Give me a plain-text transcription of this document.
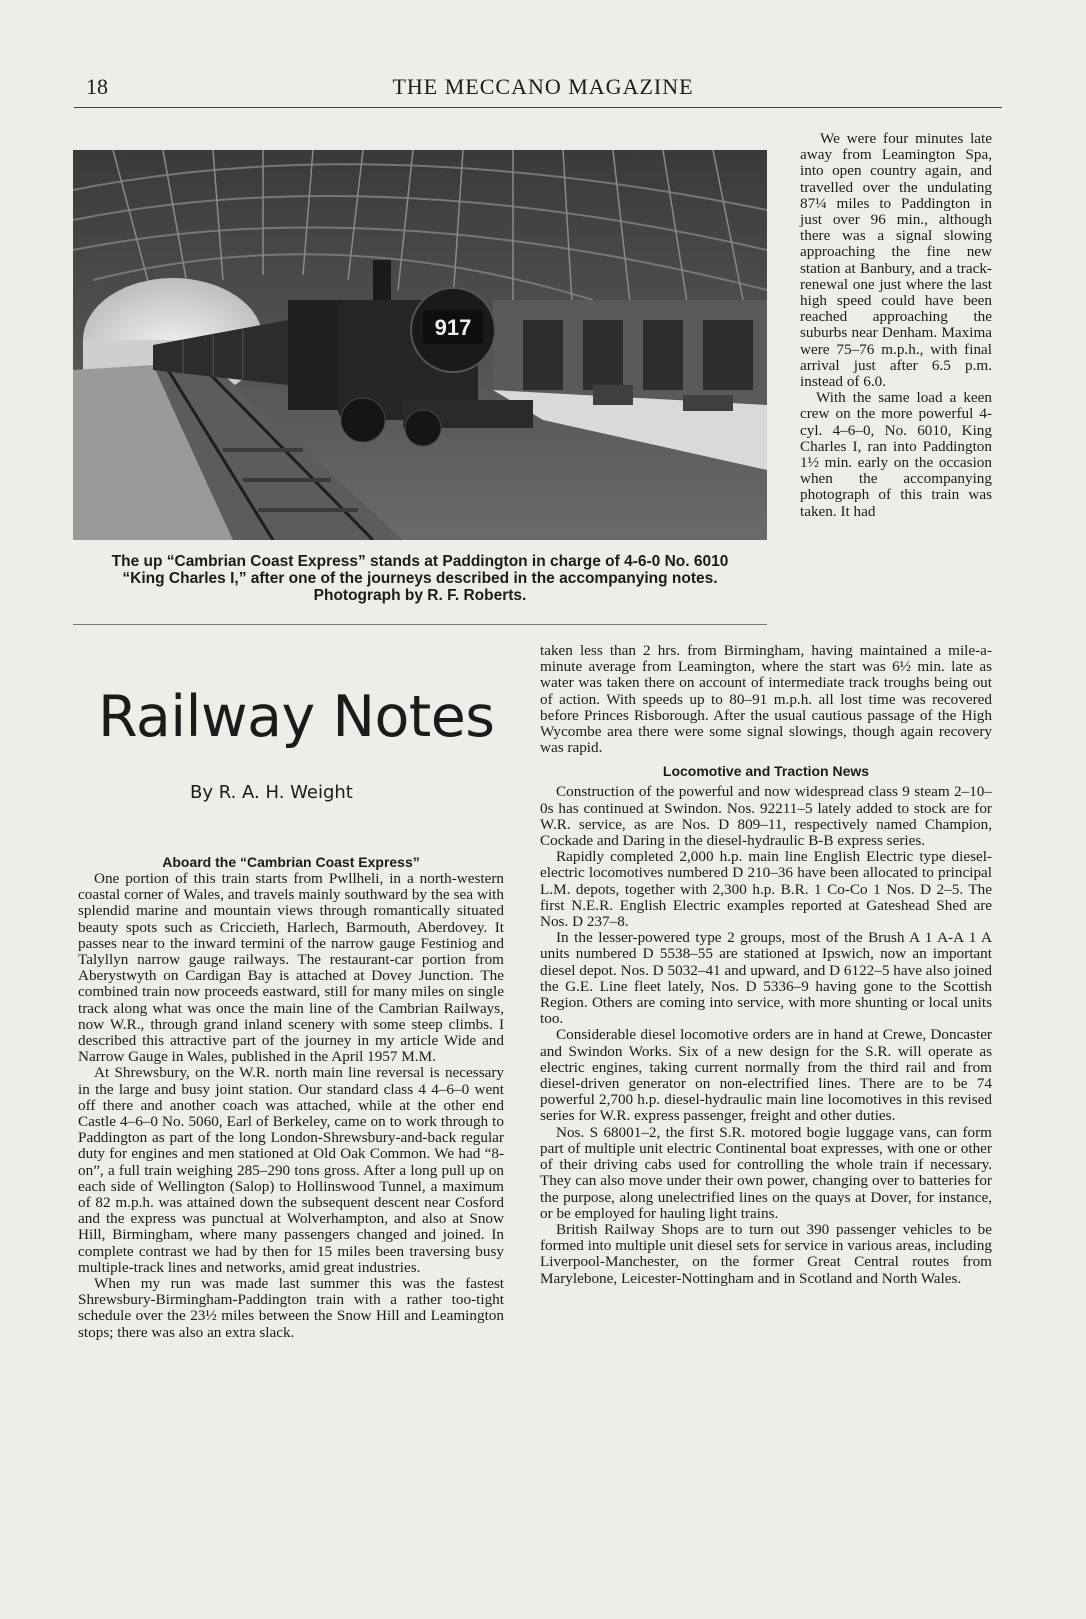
18	THE MECCANO MAGAZINE
917
The up “Cambrian Coast Express” stands at Paddington in charge of 4-6-0 No. 6010
“King Charles I,” after one of the journeys described in the accompanying notes.
Photograph by R. F. Roberts.

We were four minutes late away from Leamington Spa, into open country again, and travelled over the undulating 87¼ miles to Paddington in just over 96 min., although there was a signal slowing approaching the fine new station at Banbury, and a track-renewal one just where the last high speed could have been reached approaching the suburbs near Denham. Maxima were 75–76 m.p.h., with final arrival just after 6.5 p.m. instead of 6.0.

With the same load a keen crew on the more powerful 4-cyl. 4–6–0, No. 6010, King Charles I, ran into Paddington 1½ min. early on the occasion when the accompanying photograph of this train was taken. It had

Railway Notes
By R. A. H. Weight
Aboard the “Cambrian Coast Express”

One portion of this train starts from Pwllheli, in a north-western coastal corner of Wales, and travels mainly southward by the sea with splendid marine and mountain views through romantically situated beauty spots such as Criccieth, Harlech, Barmouth, Aberdovey. It passes near to the inward termini of the narrow gauge Festiniog and Talyllyn narrow gauge railways. The restaurant-car portion from Aberystwyth on Cardigan Bay is attached at Dovey Junction. The combined train now proceeds eastward, still for many miles on single track along what was once the main line of the Cambrian Railways, now W.R., through grand inland scenery with some steep climbs. I described this attractive part of the journey in my article Wide and Narrow Gauge in Wales, published in the April 1957 M.M.

At Shrewsbury, on the W.R. north main line reversal is necessary in the large and busy joint station. Our standard class 4 4–6–0 went off there and another coach was attached, while at the other end Castle 4–6–0 No. 5060, Earl of Berkeley, came on to work through to Paddington as part of the long London-Shrewsbury-and-back regular duty for engines and men stationed at Old Oak Common. We had “8-on”, a full train weighing 285–290 tons gross. After a long pull up on each side of Wellington (Salop) to Hollinswood Tunnel, a maximum of 82 m.p.h. was attained down the subsequent descent near Cosford and the express was punctual at Wolverhampton, and also at Snow Hill, Birmingham, where many passengers changed and joined. In complete contrast we had by then for 15 miles been traversing busy multiple-track lines and networks, amid great industries.

When my run was made last summer this was the fastest Shrewsbury-Birmingham-Paddington train with a rather too-tight schedule over the 23½ miles between the Snow Hill and Leamington stops; there was also an extra slack.

taken less than 2 hrs. from Birmingham, having maintained a mile-a-minute average from Leamington, where the start was 6½ min. late as water was taken there on account of intermediate track troughs being out of action. With speeds up to 80–91 m.p.h. all lost time was recovered before Princes Risborough. After the usual cautious passage of the High Wycombe area there were some signal slowings, though again recovery was rapid.

Locomotive and Traction News

Construction of the powerful and now widespread class 9 steam 2–10–0s has continued at Swindon. Nos. 92211–5 lately added to stock are for W.R. service, as are Nos. D 809–11, respectively named Champion, Cockade and Daring in the diesel-hydraulic B-B express series.

Rapidly completed 2,000 h.p. main line English Electric type diesel-electric locomotives numbered D 210–36 have been allocated to principal L.M. depots, together with 2,300 h.p. B.R. 1 Co-Co 1 Nos. D 2–5. The first N.E.R. English Electric examples reported at Gateshead Shed are Nos. D 237–8.

In the lesser-powered type 2 groups, most of the Brush A 1 A-A 1 A units numbered D 5538–55 are stationed at Ipswich, now an important diesel depot. Nos. D 5032–41 and upward, and D 6122–5 have also joined the G.E. Line fleet lately, Nos. D 5336–9 having gone to the Scottish Region. Others are coming into service, with more shunting or local units too.

Considerable diesel locomotive orders are in hand at Crewe, Doncaster and Swindon Works. Six of a new design for the S.R. will operate as electric engines, taking current normally from the third rail and from diesel-driven generator on non-electrified lines. There are to be 74 powerful 2,700 h.p. diesel-hydraulic main line locomotives in this revised series for W.R. express passenger, freight and other duties.

Nos. S 68001–2, the first S.R. motored bogie luggage vans, can form part of multiple unit electric Continental boat expresses, with one or other of their driving cabs used for controlling the whole train if necessary. They can also move under their own power, changing over to batteries for the purpose, along unelectrified lines on the quays at Dover, for instance, or be employed for hauling light trains.

British Railway Shops are to turn out 390 passenger vehicles to be formed into multiple unit diesel sets for service in various areas, including Liverpool-Manchester, on the former Great Central routes from Marylebone, Leicester-Nottingham and in Scotland and North Wales.
